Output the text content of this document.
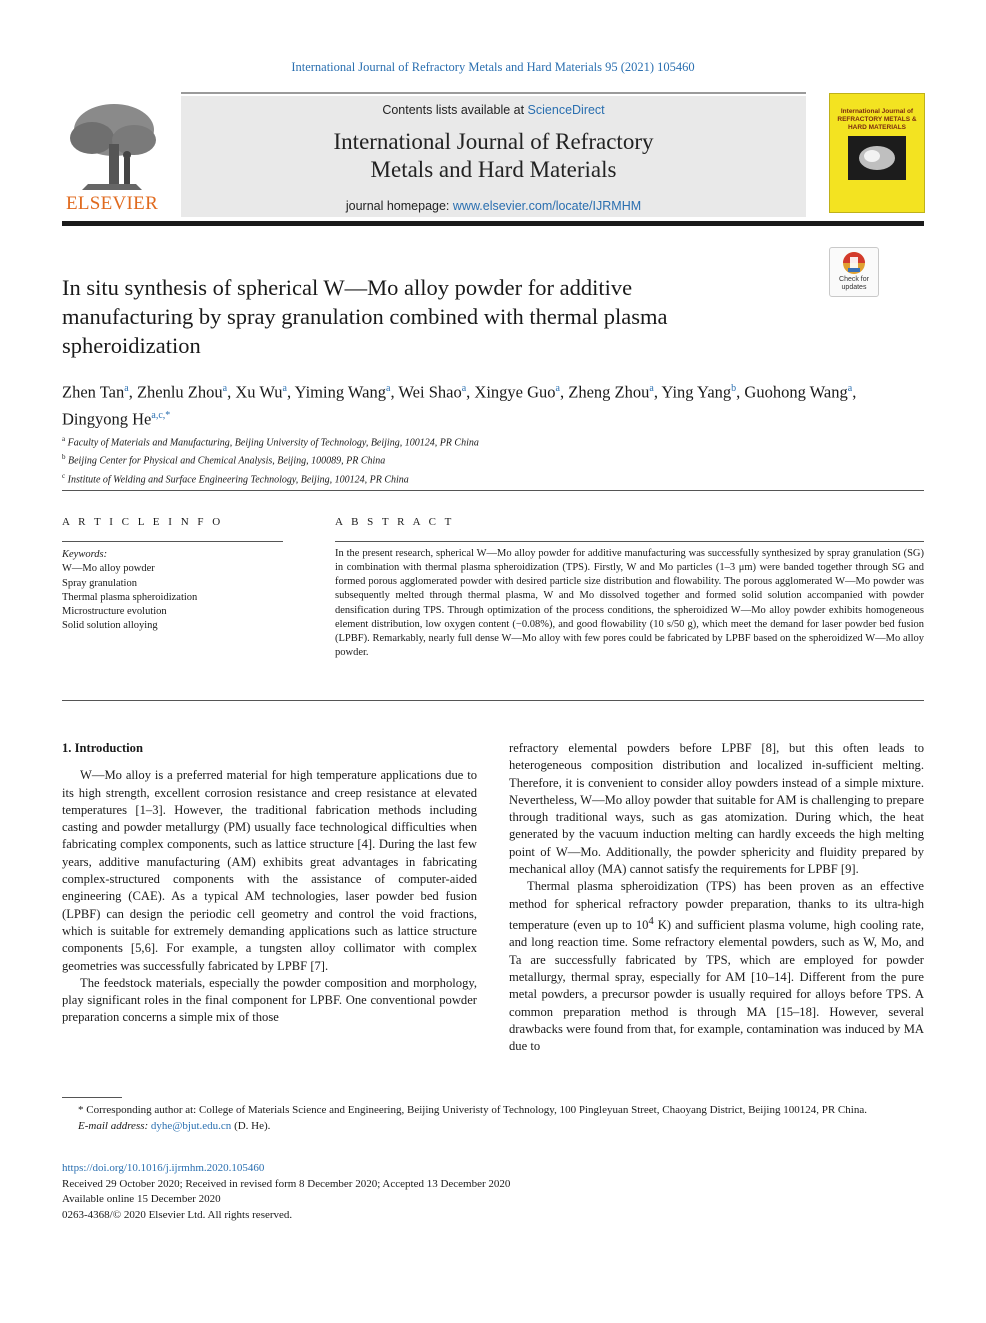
International Journal of Refractory Metals and Hard Materials 95 (2021) 105460
ELSEVIER
Contents lists available at ScienceDirect
International Journal of Refractory
Metals and Hard Materials
journal homepage: www.elsevier.com/locate/IJRMHM
International Journal of REFRACTORY METALS & HARD MATERIALS
Check for updates
In situ synthesis of spherical W—Mo alloy powder for additive manufacturing by spray granulation combined with thermal plasma spheroidization
Zhen Tan$^a$, Zhenlu Zhou$^a$, Xu Wu$^a$, Yiming Wang$^a$, Wei Shao$^a$, Xingye Guo$^a$, Zheng Zhou$^a$, Ying Yang$^b$, Guohong Wang$^a$, Dingyong $He^{a,c,*}$
$^a$ Faculty of Materials and Manufacturing, Beijing University of Technology, Beijing, 100124, PR China
$^b$ Beijing Center for Physical and Chemical Analysis, Beijing, 100089, PR China
$^c$ Institute of Welding and Surface Engineering Technology, Beijing, 100124, PR China
A R T I C L E I N F O
Keywords:
W—Mo alloy powder
Spray granulation
Thermal plasma spheroidization
Microstructure evolution
Solid solution alloying
A B S T R A C T
In the present research, spherical W—Mo alloy powder for additive manufacturing was successfully synthesized by spray granulation (SG) in combination with thermal plasma spheroidization (TPS). Firstly, W and Mo particles (1–3 μm) were banded together through SG and formed porous agglomerated powder with desired particle size distribution and flowability. The porous agglomerated W—Mo powder was subsequently melted through thermal plasma, W and Mo dissolved together and formed solid solution accompanied with powder densification during TPS. Through optimization of the process conditions, the spheroidized W—Mo alloy powder exhibits homogeneous element distribution, low oxygen content (−0.08%), and good flowability (10 s/50 g), which meet the demand for laser powder bed fusion (LPBF). Remarkably, nearly full dense W—Mo alloy with few pores could be fabricated by LPBF based on the spheroidized W—Mo alloy powder.
1. Introduction

W—Mo alloy is a preferred material for high temperature applications due to its high strength, excellent corrosion resistance and creep resistance at elevated temperatures [1–3]. However, the traditional fabrication methods including casting and powder metallurgy (PM) usually face technological difficulties when fabricating complex components, such as lattice structure [4]. During the last few years, additive manufacturing (AM) exhibits great advantages in fabricating complex-structured components with the assistance of computer-aided engineering (CAE). As a typical AM technologies, laser powder bed fusion (LPBF) can design the periodic cell geometry and control the void fractions, which is suitable for extremely demanding applications such as lattice structure components [5,6]. For example, a tungsten alloy collimator with complex geometries was successfully fabricated by LPBF [7].

The feedstock materials, especially the powder composition and morphology, play significant roles in the final component for LPBF. One conventional powder preparation concerns a simple mix of those

refractory elemental powders before LPBF [8], but this often leads to heterogeneous composition distribution and localized in-sufficient melting. Therefore, it is convenient to consider alloy powders instead of a simple mixture. Nevertheless, W—Mo alloy powder that suitable for AM is challenging to prepare through traditional ways, such as gas atomization. During which, the heat generated by the vacuum induction melting can hardly exceeds the high melting point of W—Mo. Additionally, the powder sphericity and fluidity prepared by mechanical alloy (MA) cannot satisfy the requirements for LPBF [9].

Thermal plasma spheroidization (TPS) has been proven as an effective method for spherical refractory powder preparation, thanks to its ultra-high temperature (even up to $10^4$ K) and sufficient plasma volume, high cooling rate, and long reaction time. Some refractory elemental powders, such as W, Mo, and Ta are successfully fabricated by TPS, which are employed for powder metallurgy, thermal spray, especially for AM [10–14]. Different from the pure metal powders, a precursor powder is usually required for alloys before TPS. A common preparation method is through MA [15–18]. However, several drawbacks were found from that, for example, contamination was induced by MA due to

* Corresponding author at: College of Materials Science and Engineering, Beijing Univeristy of Technology, 100 Pingleyuan Street, Chaoyang District, Beijing 100124, PR China.

E-mail address: dyhe@bjut.edu.cn (D. He).

https://doi.org/10.1016/j.ijrmhm.2020.105460
Received 29 October 2020; Received in revised form 8 December 2020; Accepted 13 December 2020
Available online 15 December 2020
0263-4368/© 2020 Elsevier Ltd. All rights reserved.
